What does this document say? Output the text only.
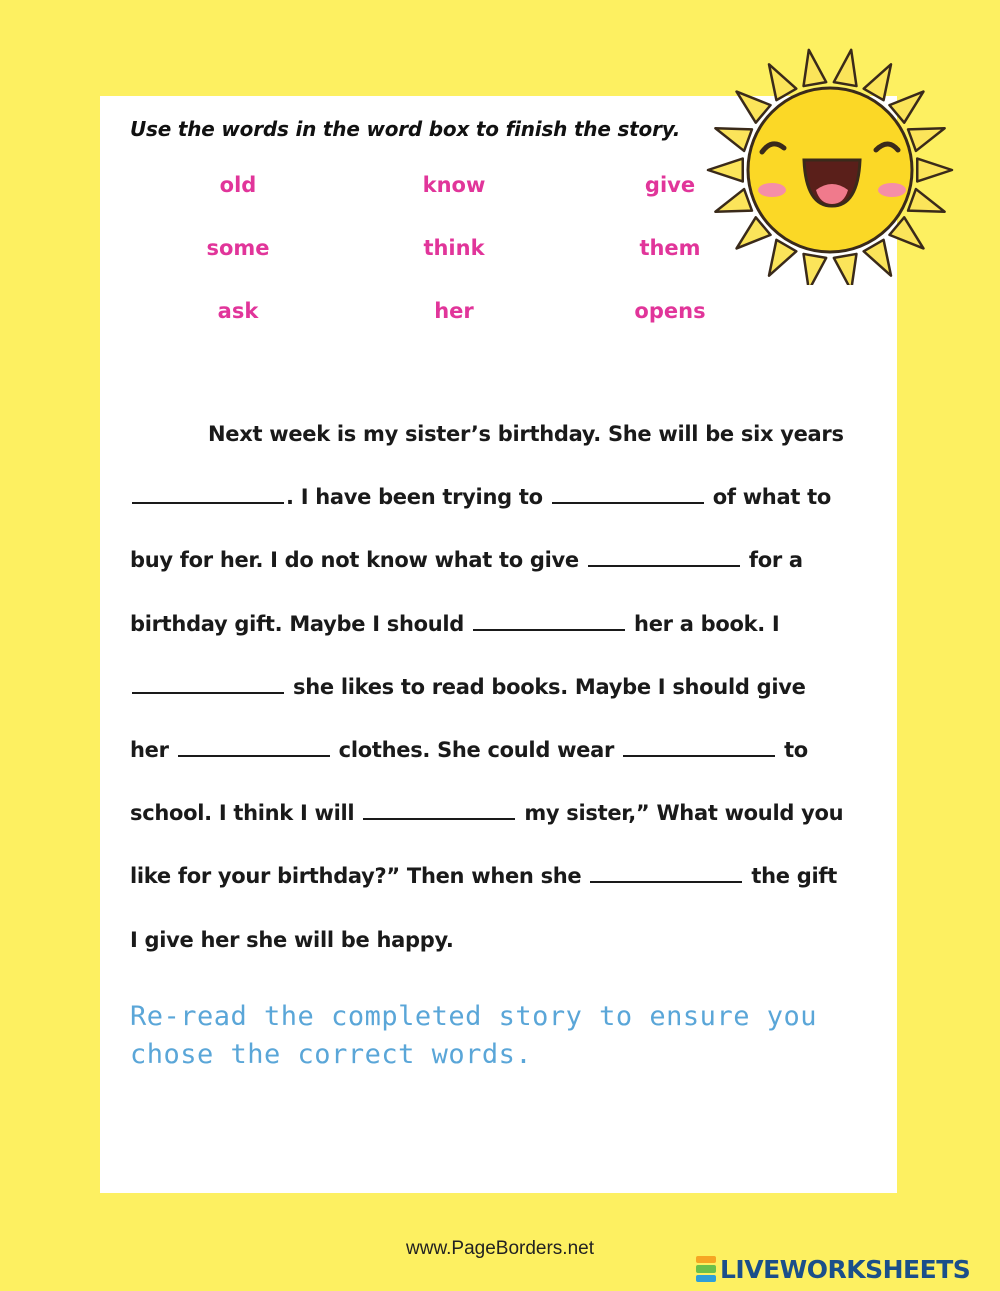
Use the words in the word box to finish the story.
old	know	give
some	think	them
ask	her	opens
Next week is my sister’s birthday. She will be six years
. I have been trying to	of what to
buy for her. I do not know what to give	for a
birthday gift. Maybe I should	her a book. I
she likes to read books. Maybe I should give
her	clothes. She could wear	to
school. I think I will	my sister,” What would you
like for your birthday?” Then when she	the gift
I give her she will be happy.
Re-read the completed story to ensure you chose the correct words.
www.PageBorders.net
LIVEWORKSHEETS
